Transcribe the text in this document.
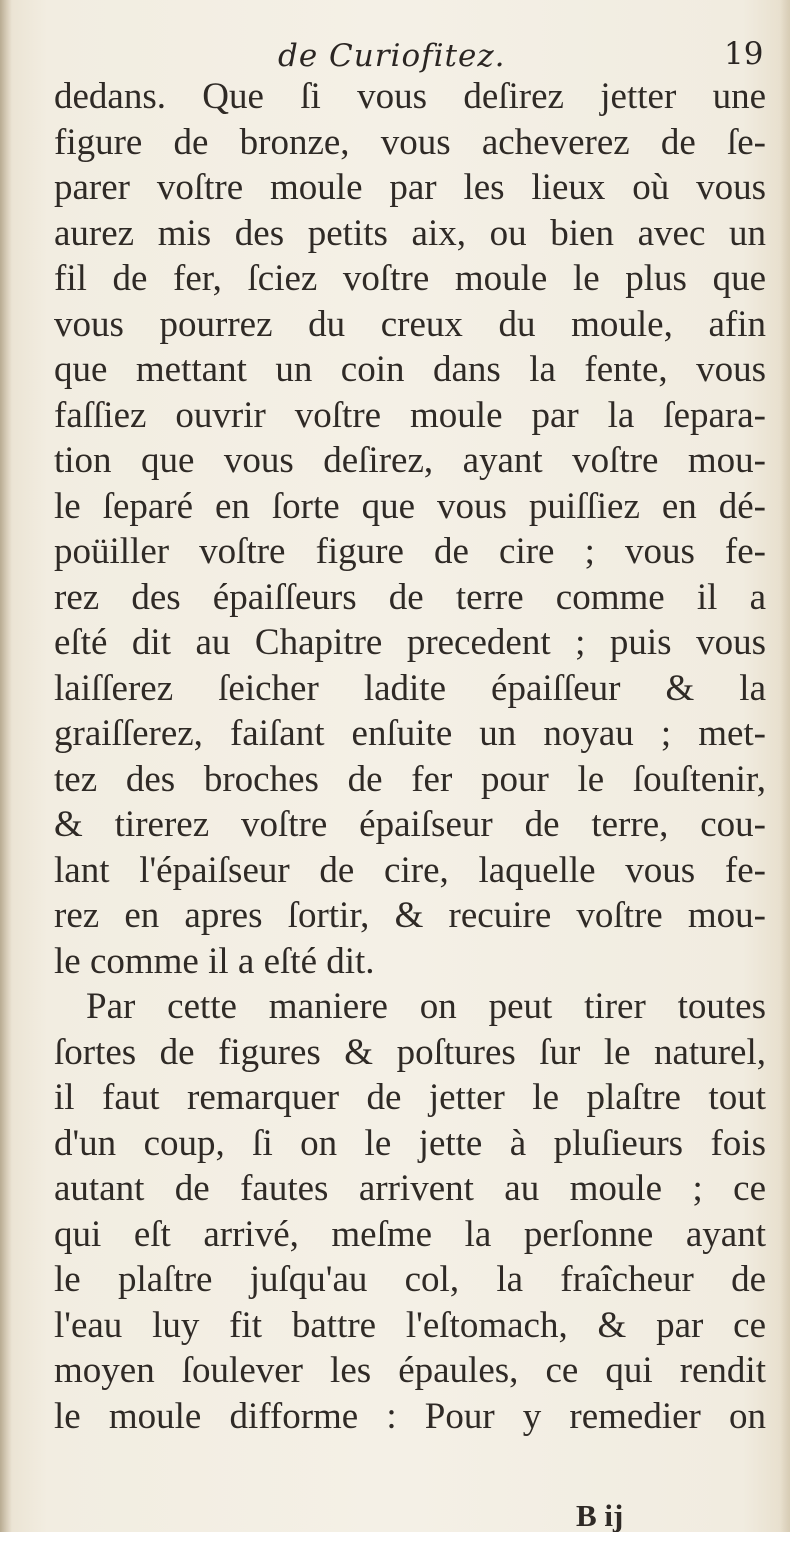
de Curiofitez.	19
dedans. Que ſi vous deſirez jetter une
figure de bronze, vous acheverez de ſe-
parer voſtre moule par les lieux où vous
aurez mis des petits aix, ou bien avec un
fil de fer, ſciez voſtre moule le plus que
vous pourrez du creux du moule, afin
que mettant un coin dans la fente, vous
faſſiez ouvrir voſtre moule par la ſepara-
tion que vous deſirez, ayant voſtre mou-
le ſeparé en ſorte que vous puiſſiez en dé-
poüiller voſtre figure de cire ; vous fe-
rez des épaiſſeurs de terre comme il a
eſté dit au Chapitre precedent ; puis vous
laiſſerez ſeicher ladite épaiſſeur & la
graiſſerez, faiſant enſuite un noyau ; met-
tez des broches de fer pour le ſouſtenir,
& tirerez voſtre épaiſseur de terre, cou-
lant l'épaiſseur de cire, laquelle vous fe-
rez en apres ſortir, & recuire voſtre mou-
le comme il a eſté dit.
Par cette maniere on peut tirer toutes
ſortes de figures & poſtures ſur le naturel,
il faut remarquer de jetter le plaſtre tout
d'un coup, ſi on le jette à pluſieurs fois
autant de fautes arrivent au moule ; ce
qui eſt arrivé, meſme la perſonne ayant
le plaſtre juſqu'au col, la fraîcheur de
l'eau luy fit battre l'eſtomach, & par ce
moyen ſoulever les épaules, ce qui rendit
le moule difforme : Pour y remedier on
B ij
